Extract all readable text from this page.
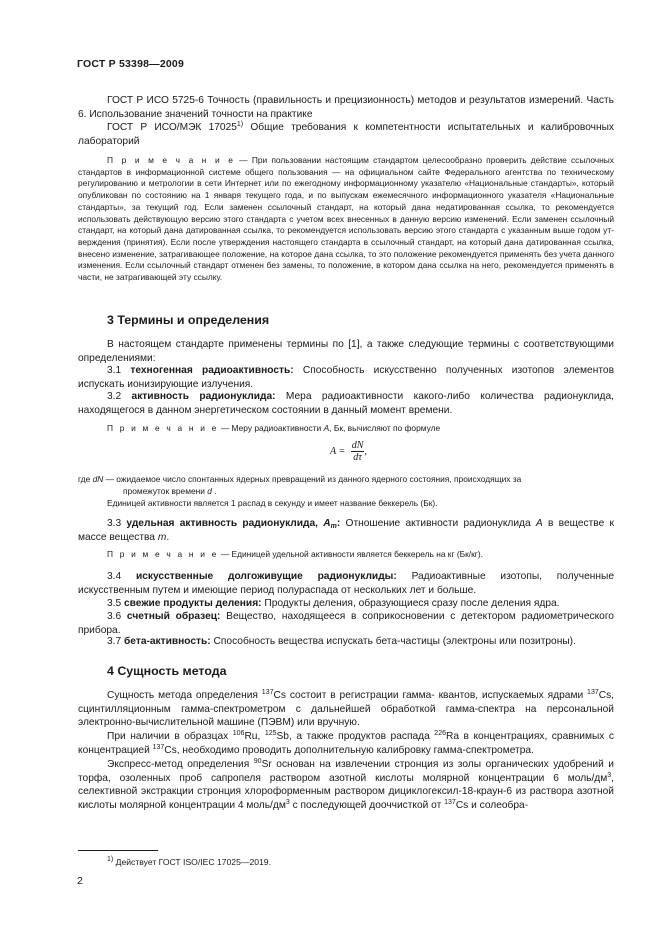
ГОСТ Р 53398—2009

ГОСТ Р ИСО 5725-6 Точность (правильность и прецизионность) методов и результатов измерений. Часть 6. Использование значений точности на практике

ГОСТ Р ИСО/МЭК 17025$^{1)}$ Общие требования к компетентности испытательных и калибровочных лабораторий

П р и м е ч а н и е — При пользовании настоящим стандартом целесообразно проверить действие ссылочных стандартов в информационной системе общего пользования — на официальном сайте Федерального агентства по техническому регулированию и метрологии в сети Интернет или по ежегодному информационному указателю «Национальные стандарты», который опубликован по состоянию на 1 января текущего года, и по выпускам ежемесячного информационного указателя «Национальные стандарты», за текущий год. Если заменен ссылочный стандарт, на который дана недатированная ссылка, то рекомендуется использовать действующую версию этого стандарта с учетом всех внесенных в данную версию изменений. Если заменен ссылочный стандарт, на который дана датированная ссылка, то рекомендуется использовать версию этого стандарта с указанным выше годом утверждения (принятия). Если после утверждения настоящего стандарта в ссылочный стандарт, на который дана датированная ссылка, внесено изменение, затрагивающее положение, на которое дана ссылка, то это положение рекомендуется применять без учета данного изменения. Если ссылочный стандарт отменен без замены, то положение, в котором дана ссылка на него, рекомендуется применять в части, не затрагивающей эту ссылку.

3 Термины и определения

В настоящем стандарте применены термины по [1], а также следующие термины с соответствующими определениями:

3.1 техногенная радиоактивность: Способность искусственно полученных изотопов элементов испускать ионизирующие излучения.

3.2 активность радионуклида: Мера радиоактивности какого-либо количества радионуклида, находящегося в данном энергетическом состоянии в данный момент времени.

П р и м е ч а н и е — Меру радиоактивности A, Бк, вычисляют по формуле

$A = \frac{dN}{d\tau}$ ,
где dN — ожидаемое число спонтанных ядерных превращений из данного ядерного состояния, происходящих за
промежуток времени d .

Единицей активности является 1 распад в секунду и имеет название беккерель (Бк).

3.3 удельная активность радионуклида, $A_m$: Отношение активности радионуклида A в веществе к массе вещества m.

П р и м е ч а н и е — Единицей удельной активности является беккерель на кг (Бк/кг).

3.4 искусственные долгоживущие радионуклиды: Радиоактивные изотопы, полученные искусственным путем и имеющие период полураспада от нескольких лет и больше.

3.5 свежие продукты деления: Продукты деления, образующиеся сразу после деления ядра.

3.6 счетный образец: Вещество, находящееся в соприкосновении с детектором радиометрического прибора.

3.7 бета-активность: Способность вещества испускать бета-частицы (электроны или позитроны).

4 Сущность метода

Сущность метода определения $^{137}$Cs состоит в регистрации гамма- квантов, испускаемых ядрами $^{137}$Cs, сцинтилляционным гамма-спектрометром с дальнейшей обработкой гамма-спектра на персональной электронно-вычислительной машине (ПЭВМ) или вручную.

При наличии в образцах $^{106}$Ru, $^{125}$Sb, а также продуктов распада $^{226}$Ra в концентрациях, сравнимых с концентрацией $^{137}$Cs, необходимо проводить дополнительную калибровку гамма-спектрометра.

Экспресс-метод определения $^{90}$Sr основан на извлечении стронция из золы органических удобрений и торфа, озоленных проб сапропеля раствором азотной кислоты молярной концентрации 6 моль/$дм^3$, селективной экстракции стронция хлороформенным раствором дициклогексил-18-краун-6 из раствора азотной кислоты молярной концентрации 4 моль/$дм^3$ с последующей дооччисткой от $^{137}$Cs и солеобра-

$^{1)}$ Действует ГОСТ ISO/IEC 17025—2019.
2
